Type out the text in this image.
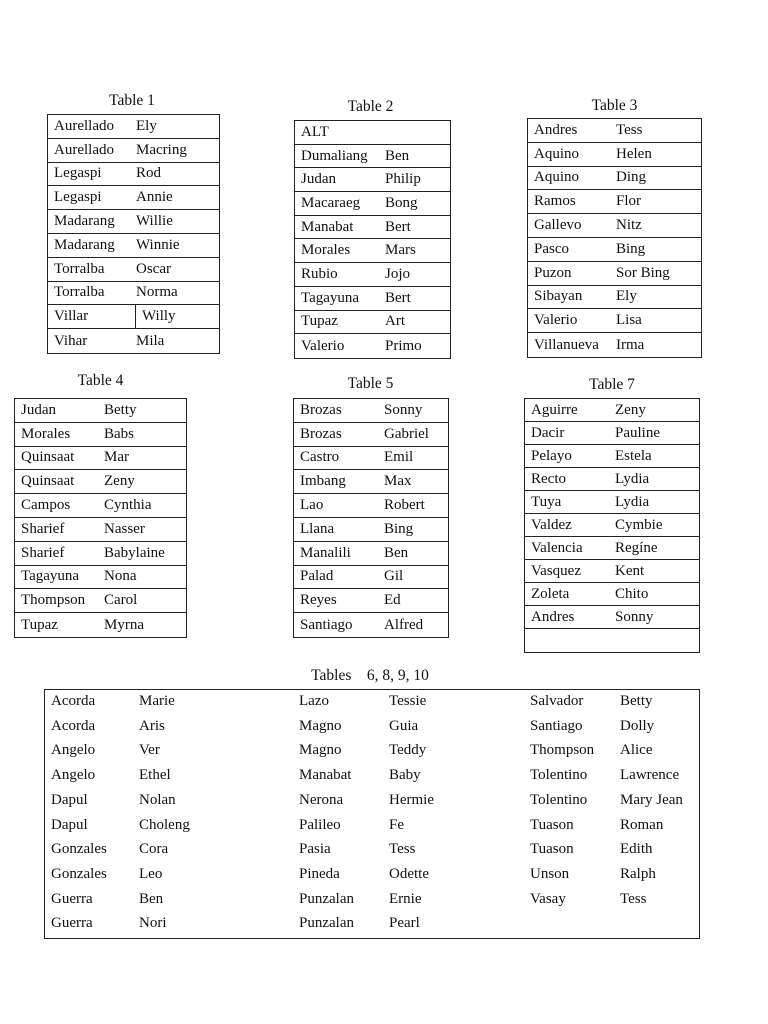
Table 1
Aurellado	Ely
Aurellado	Macring
Legaspi	Rod
Legaspi	Annie
Madarang	Willie
Madarang	Winnie
Torralba	Oscar
Torralba	Norma
Villar	Willy
Vihar	Mila
Table 2
ALT
Dumaliang	Ben
Judan	Philip
Macaraeg	Bong
Manabat	Bert
Morales	Mars
Rubio	Jojo
Tagayuna	Bert
Tupaz	Art
Valerio	Primo
Table 3
Andres	Tess
Aquino	Helen
Aquino	Ding
Ramos	Flor
Gallevo	Nitz
Pasco	Bing
Puzon	Sor Bing
Sibayan	Ely
Valerio	Lisa
Villanueva	Irma
Table 4
Judan	Betty
Morales	Babs
Quinsaat	Mar
Quinsaat	Zeny
Campos	Cynthia
Sharief	Nasser
Sharief	Babylaine
Tagayuna	Nona
Thompson	Carol
Tupaz	Myrna
Table 5
Brozas	Sonny
Brozas	Gabriel
Castro	Emil
Imbang	Max
Lao	Robert
Llana	Bing
Manalili	Ben
Palad	Gil
Reyes	Ed
Santiago	Alfred
Table 7
Aguirre	Zeny
Dacir	Pauline
Pelayo	Estela
Recto	Lydia
Tuya	Lydia
Valdez	Cymbie
Valencia	Regíne
Vasquez	Kent
Zoleta	Chito
Andres	Sonny
Tables    6, 8, 9, 10
Acorda	Marie
Acorda	Aris
Angelo	Ver
Angelo	Ethel
Dapul	Nolan
Dapul	Choleng
Gonzales Cora
Gonzales Leo
Guerra	Ben
Guerra	Nori
Lazo	Tessie
Magno	Guia
Magno	Teddy
Manabat	Baby
Nerona	Hermie
Palileo	Fe
Pasia	Tess
Pineda	Odette
Punzalan Ernie
Punzalan Pearl
Salvador Betty
Santiago	Dolly
Thompson Alice
Tolentino Lawrence
Tolentino Mary Jean
Tuason	Roman
Tuason	Edith
Unson	Ralph
Vasay	Tess
